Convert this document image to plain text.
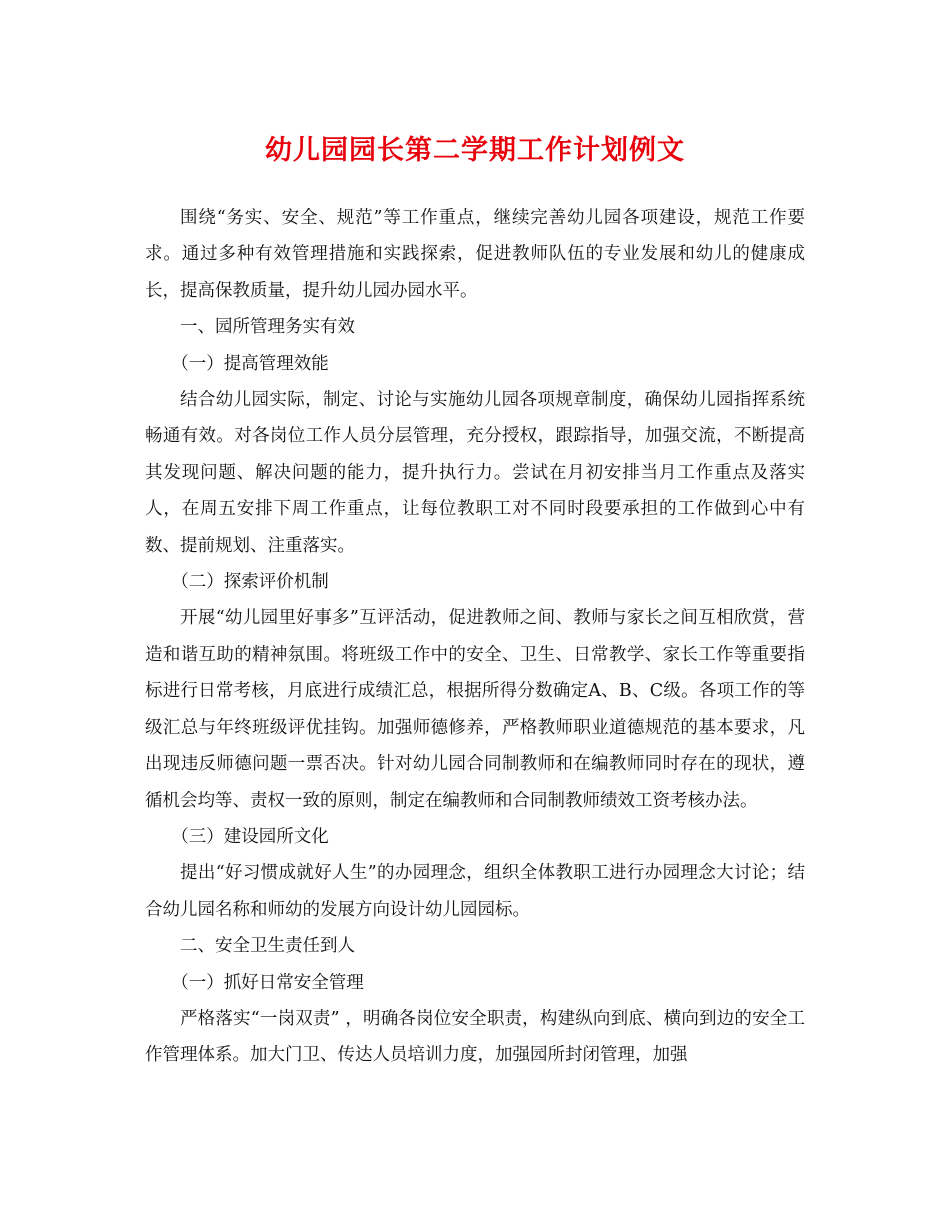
幼儿园园长第二学期工作计划例文

围绕“务实、安全、规范”等工作重点，继续完善幼儿园各项建设，规范工作要求。通过多种有效管理措施和实践探索，促进教师队伍的专业发展和幼儿的健康成长，提高保教质量，提升幼儿园办园水平。

一、园所管理务实有效

（一）提高管理效能

结合幼儿园实际，制定、讨论与实施幼儿园各项规章制度，确保幼儿园指挥系统畅通有效。对各岗位工作人员分层管理，充分授权，跟踪指导，加强交流，不断提高其发现问题、解决问题的能力，提升执行力。尝试在月初安排当月工作重点及落实人，在周五安排下周工作重点，让每位教职工对不同时段要承担的工作做到心中有数、提前规划、注重落实。

（二）探索评价机制

开展“幼儿园里好事多”互评活动，促进教师之间、教师与家长之间互相欣赏，营造和谐互助的精神氛围。将班级工作中的安全、卫生、日常教学、家长工作等重要指标进行日常考核，月底进行成绩汇总，根据所得分数确定A、B、C级。各项工作的等级汇总与年终班级评优挂钩。加强师德修养，严格教师职业道德规范的基本要求，凡出现违反师德问题一票否决。针对幼儿园合同制教师和在编教师同时存在的现状，遵循机会均等、责权一致的原则，制定在编教师和合同制教师绩效工资考核办法。

（三）建设园所文化

提出“好习惯成就好人生”的办园理念，组织全体教职工进行办园理念大讨论；结合幼儿园名称和师幼的发展方向设计幼儿园园标。

二、安全卫生责任到人

（一）抓好日常安全管理

严格落实“一岗双责” ，明确各岗位安全职责，构建纵向到底、横向到边的安全工作管理体系。加大门卫、传达人员培训力度，加强园所封闭管理，加强
